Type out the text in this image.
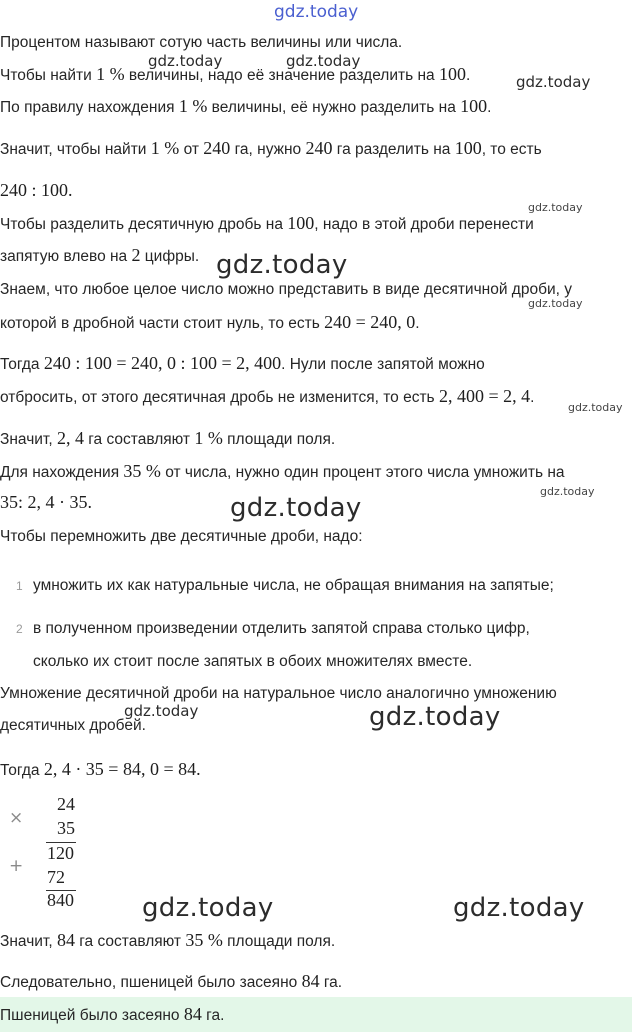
gdz.today
gdz.today	gdz.today
gdz.today
gdz.today
gdz.today
gdz.today
gdz.today
gdz.today
gdz.today
gdz.today	gdz.today
gdz.today	gdz.today
Процентом называют сотую часть величины или числа.
Чтобы найти 1 % величины, надо её значение разделить на 100.
По правилу нахождения 1 % величины, её нужно разделить на 100.
Значит, чтобы найти 1 % от 240 га, нужно 240 га разделить на 100, то есть
240 : 100.
Чтобы разделить десятичную дробь на 100, надо в этой дроби перенести
запятую влево на 2 цифры.
Знаем, что любое целое число можно представить в виде десятичной дроби, у
которой в дробной части стоит нуль, то есть 240 = 240, 0.
Тогда 240 : 100 = 240, 0 : 100 = 2, 400. Нули после запятой можно
отбросить, от этого десятичная дробь не изменится, то есть 2, 400 = 2, 4.
Значит, 2, 4 га составляют 1 % площади поля.
Для нахождения 35 % от числа, нужно один процент этого числа умножить на
35: 2, 4 · 35.
Чтобы перемножить две десятичные дроби, надо:
1 умножить их как натуральные числа, не обращая внимания на запятые;
2 в полученном произведении отделить запятой справа столько цифр,
сколько их стоит после запятых в обоих множителях вместе.
Умножение десятичной дроби на натуральное число аналогично умножению
десятичных дробей.
Тогда 2, 4 · 35 = 84, 0 = 84.
×
24
35
+
120
72
840
Значит, 84 га составляют 35 % площади поля.
Следовательно, пшеницей было засеяно 84 га.
Пшеницей было засеяно 84 га.
